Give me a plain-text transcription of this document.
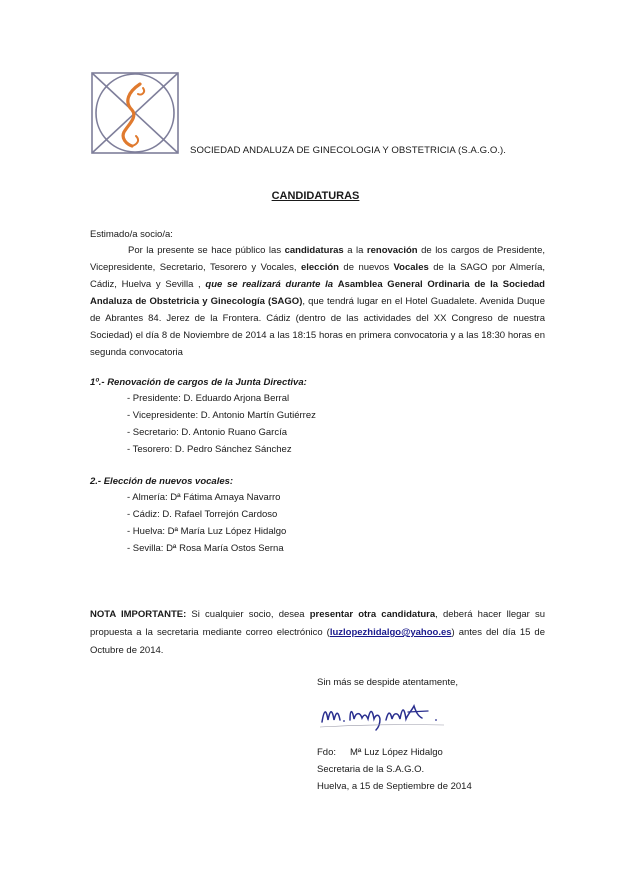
SOCIEDAD ANDALUZA DE GINECOLOGIA Y OBSTETRICIA (S.A.G.O.).
CANDIDATURAS
Estimado/a socio/a:

Por la presente se hace público las candidaturas a la renovación de los cargos de Presidente, Vicepresidente, Secretario, Tesorero y Vocales, elección de nuevos Vocales de la SAGO por Almería, Cádiz, Huelva y Sevilla , que se realizará durante la Asamblea General Ordinaria de la Sociedad Andaluza de Obstetricia y Ginecología (SAGO), que tendrá lugar en el Hotel Guadalete. Avenida Duque de Abrantes 84. Jerez de la Frontera. Cádiz (dentro de las actividades del XX Congreso de nuestra Sociedad) el día 8 de Noviembre de 2014 a las 18:15 horas en primera convocatoria y a las 18:30 horas en segunda convocatoria

1º.- Renovación de cargos de la Junta Directiva:
- Presidente: D. Eduardo Arjona Berral
- Vicepresidente: D. Antonio Martín Gutiérrez
- Secretario: D. Antonio Ruano García
- Tesorero: D. Pedro Sánchez Sánchez
2.- Elección de nuevos vocales:
- Almería: Dª Fátima Amaya Navarro
- Cádiz: D. Rafael Torrejón Cardoso
- Huelva: Dª María Luz López Hidalgo
- Sevilla: Dª Rosa María Ostos Serna

NOTA IMPORTANTE: Si cualquier socio, desea presentar otra candidatura, deberá hacer llegar su propuesta a la secretaria mediante correo electrónico (luzlopezhidalgo@yahoo.es) antes del día 15 de Octubre de 2014.

Sin más se despide atentamente,
Fdo: Mª Luz López Hidalgo
Secretaria de la S.A.G.O.
Huelva, a 15 de Septiembre de 2014
